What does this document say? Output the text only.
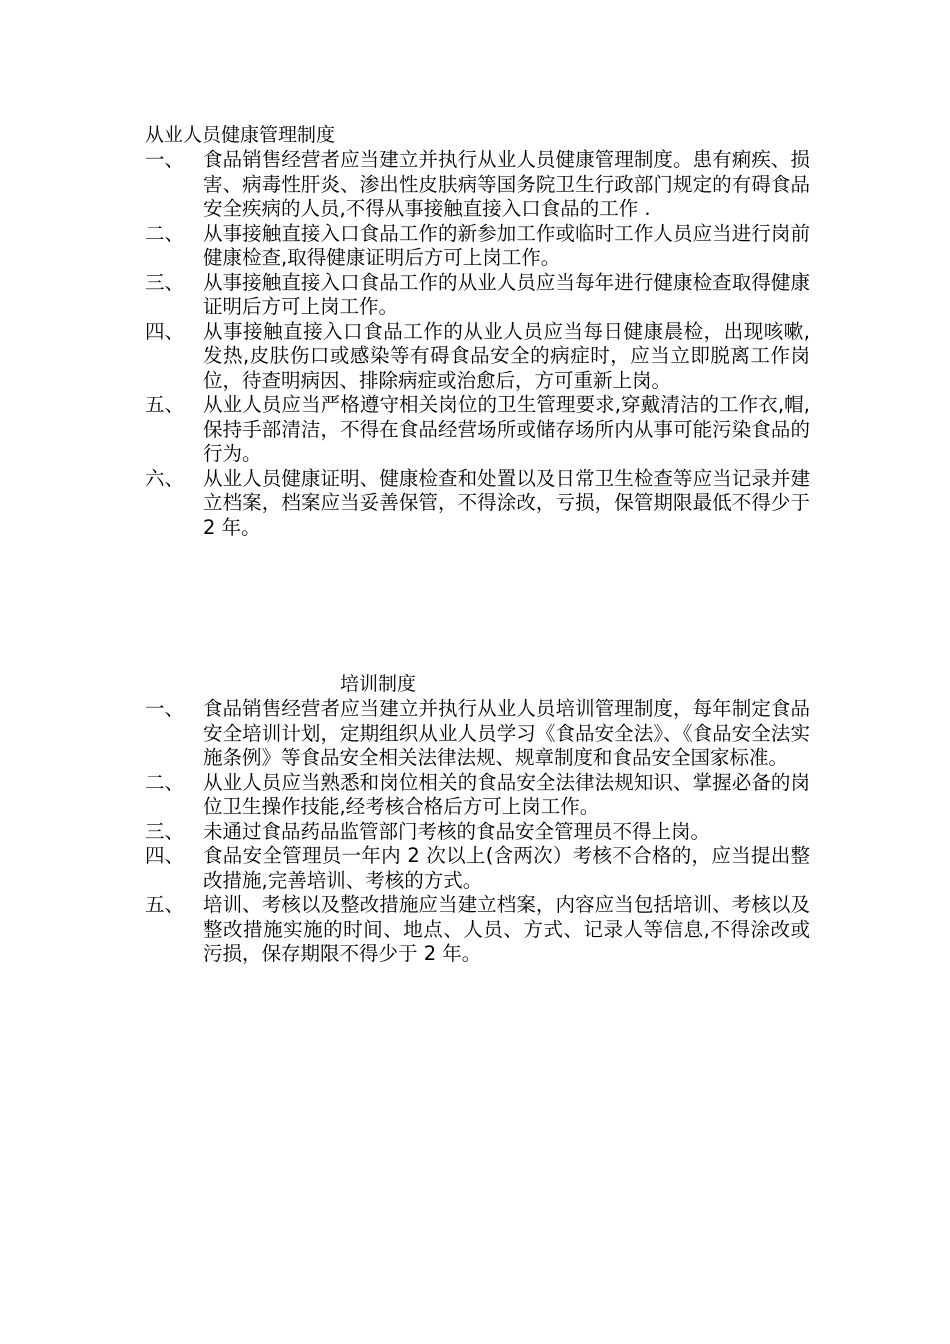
从业人员健康管理制度
一、 食品销售经营者应当建立并执行从业人员健康管理制度。患有痢疾、损害、病毒性肝炎、渗出性皮肤病等国务院卫生行政部门规定的有碍食品安全疾病的人员,不得从事接触直接入口食品的工作 .
二、 从事接触直接入口食品工作的新参加工作或临时工作人员应当进行岗前健康检查,取得健康证明后方可上岗工作。
三、 从事接触直接入口食品工作的从业人员应当每年进行健康检查取得健康证明后方可上岗工作。
四、 从事接触直接入口食品工作的从业人员应当每日健康晨检，出现咳嗽,发热,皮肤伤口或感染等有碍食品安全的病症时，应当立即脱离工作岗位，待查明病因、排除病症或治愈后，方可重新上岗。
五、 从业人员应当严格遵守相关岗位的卫生管理要求,穿戴清洁的工作衣,帽,保持手部清洁，不得在食品经营场所或储存场所内从事可能污染食品的行为。
六、 从业人员健康证明、健康检查和处置以及日常卫生检查等应当记录并建立档案，档案应当妥善保管，不得涂改，亏损，保管期限最低不得少于 2 年。
培训制度
一、 食品销售经营者应当建立并执行从业人员培训管理制度，每年制定食品安全培训计划，定期组织从业人员学习《食品安全法》、《食品安全法实施条例》等食品安全相关法律法规、规章制度和食品安全国家标准。
二、 从业人员应当熟悉和岗位相关的食品安全法律法规知识、掌握必备的岗位卫生操作技能,经考核合格后方可上岗工作。
三、 未通过食品药品监管部门考核的食品安全管理员不得上岗。
四、 食品安全管理员一年内 2 次以上(含两次）考核不合格的，应当提出整改措施,完善培训、考核的方式。
五、 培训、考核以及整改措施应当建立档案，内容应当包括培训、考核以及整改措施实施的时间、地点、人员、方式、记录人等信息,不得涂改或污损，保存期限不得少于 2 年。
